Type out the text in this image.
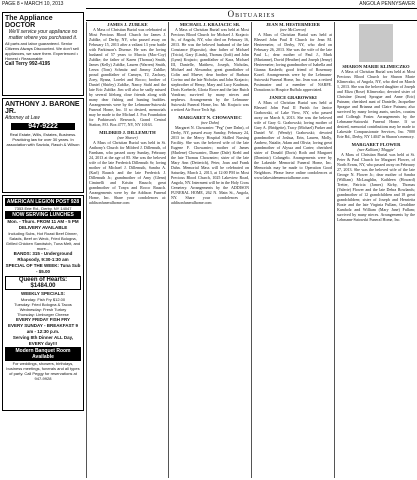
PAGE 8 • MARCH 10, 2013	ANGOLA PENNYSAVER
Obituaries
The Appliance DOCTOR
We'll service your appliance no matter where you purchased it.
All parts and labor guaranteed. Senior Citizens Always Discounted. We don't sell appliances, we save them. Experienced • Honest • Reasonable
Call Terry 992-4195
ANTHONY J. BARONE JR.
Attorney at Law
947-9222
Real Estate, Wills, Estates, Business. Practicing law for over 30 years. In association with Saviola, Rasch & Wilson
AMERICAN LEGION POST 928
7353 Erie Rd., Derby, NY 14047
NOW SERVING LUNCHES
Mon. - Thurs. FROM 11 AM - 5 PM
DELIVERY AVAILABLE
Including Subs, Hot Roast Beef Dinner, Salads, Beef on Weck, Fried Bologna, Grilled Chicken Sandwich, Tuna Melt, and more...
BANDS: 315 - Underground Rhapsody, 9:30-1:30 am
SPECIAL OF THE WEEK: Tuna Sub - $5.00
Queen of Hearts: $1484.00
WEEKLY SPECIALS:
Monday: Fish Fry $12.00
Tuesday: Fried Bologna & Tacos
Wednesday: Fresh Turkey
Thursday: Limburger Cheese
EVERY FRIDAY FISH FRY
EVERY SUNDAY - BREAKFAST 9 am - 12:30 p.m.
Serving 8th Dinner ALL Day, EVERY day!!!
Modern Banquet Room Available
For weddings, showers, birthdays, business meetings, funerals and all types of party. Call Peggy for reservations at 947-9928
JAMES J. ZUBLKE

A Mass of Christian Burial was celebrated at Most Precious Blood Church for James J. Zublke, of Derby, NY, who passed away on February 15, 2013 after a valiant 13 year battle with Parkinson's Disease. He was the loving husband of 57 years to Marcia (Mac-Coy) Zublke; the father of Karen (Thomas) Smith, James (Kelly) Zublke, Lauren (Warren) Smith, Leeza (Tom) Schmitz and Jimmy Zublke; proud grandfather of Camryn, TJ, Zachary, Zoey, Ryana, Lorelei and Rocco; brother of Daniel (Shirley) Zublke, Nancy Stahl and the late Eric Zublke. Jim will also be sadly missed by several lifelong close friends along with many dear fishing and hunting buddies. Arrangements were by the Lehmann-Sutowski Funeral Home, Inc. If so desired, memorials may be made to the Michael J. Fox Foundation for Parkinson's Research, Grand Central Station, P.O. Box 4777, NY, NY 10163.

MILDRED J. DILLEMUTH
(nee Shaver)

A Mass of Christian Burial was held in St. Anthony's Church for Mildred J. Dillemuth, of Farnham, who passed away Sunday, February 24, 2013 at the age of 85. She was the beloved wife of the late Frederick Dillemuth Sr; loving mother of Michael J. Dillemuth, Sandra A. (Karl) Rausch and the late Frederick J. Dillemuth Jr.; grandmother of Amy (Glenn) Ciminelli and Kristin Rausch; great grandmother of Tonya and Rocco Rausch. Arrangements were by the Addison Funeral Home, Inc. Share your condolences at: addisonfuneralhome.com

MICHAEL J. KRAJACIC SR.

A Mass of Christian Burial was held at Most Precious Blood Church for Michael J. Krajacic Sr., of Angola, NY, who died on February 16, 2013. He was the beloved husband of the late Constance (Esposito), dear father of Michael (Tricia), Gary (Linda), Thomas (Jodi) and John (Lynn) Krajacic; grandfather of Kara, Michael III, Danielle, Matthew, Joseph, Nicholas, Michael and Alexandra; great grandfather of Colin and Maeve; dear brother of Barbara Covino and the late Nicholas and John Krajacic; stepbrother of Henry, Mary and Lucy Kaufman, Doris Koeberle, Gloria Rowe and the late Butch Vondran; survived by many nieces and nephews. Arrangements by the Lehmann-Sutowski Funeral Home, Inc. Mr. Krajacic was a retired Air Force Tech Sgt.

MARGARET N. CHOWANIEC
(nee Dahn)

Margaret N. Chowaniec "Peg" (nee Dahn), of Derby, NY, passed away Sunday, February 24, 2013 in the Mercy Hospital Skilled Nursing Facility. She was the beloved wife of the late Eugene F. Chowaniec; mother of James (Marlene) Chowaniec, Diane (Dale) Krehl and the late Thomas Chowaniec; sister of the late Mary Ann (Deiterich), Peter, Joan and Frank Dahn. Memorial Mass will be celebrated on Saturday, March 2, 2013, at 12:00 PM in Most Precious Blood Church, 1025 Lakeview Road, Angola, NY. Interment will be in the Holy Cross Cemetery. Arrangements by the ADDISON FUNERAL HOME, 262 N. Main St., Angola, NY. Share your condolences at addisonfuneralhome.com

JEAN M. HESTERMEIER
(nee McCarron)

A Mass of Christian Burial was held at Blessed John Paul II Church for Jean M. Hestermeier, of Derby, NY, who died on February 26, 2013. She was the wife of the late Paul L.; dear mother of Paul J., Mark (Marianne), David (Heather) and Joseph (Jenny) Hestermeier; loving grandmother of Isabella and Gianna Kasbeth; good friend of Rosemary Kozel. Arrangements were by the Lehmann-Sutowski Funeral Home, Inc. Jean was a retired Postmaster and a member of NARFE. Donations to Hospice Buffalo appreciated.

JANICE GRABOWSKI

A Mass of Christian Burial was held at Blessed John Paul II Parish for Janice Grabowski, of Lake View, NY, who passed away on March 6, 2013. She was the beloved wife of Gary G. Grabowski; loving mother of Gary A. (Bridgette), Tracy (Michael) Parker and Daniel W. (Wendy) Grabowski; devoted grandmother of Joshua, Erin, Lauren, Molly, Andrew, Natalie, Adam and Olivia; loving great grandmother of Alyssa and Carter; cherished sister of Donald (Doris) Roth and Margaret (Dominic) Colangelo. Arrangements were by the Lakeside Memorial Funeral Home, Inc. Memorials may be made to Operation Good Neighbors. Please leave online condolences at www.lakesidememorialhome.com

SHARON MARIE KLIMECZKO

A Mass of Christian Burial was held at Most Precious Blood Church for Sharon Marie Klimeczko, of Angola, NY, who died on March 1, 2013. She was the beloved daughter of Joseph and Eliza (Rose) Klimeczko; devoted sister of Christine (Jason) Sprague and Anne (Eric) Putnam; cherished aunt of Danielle, Jacqueline Sprague and Brianna and Claire Putnam; also survived by many loving aunts, uncles, cousins and Colleagh Foster. Arrangements by the Lehmann-Sutowski Funeral Home. If so desired, memorial contributions may be made to Lakeside Compassionate Services, Inc. 7000 Erie Rd., Derby, NY 14047 in Sharon's memory.

MARGARET FLOWER
(nee Kalliam) 'Maggie'

A Mass of Christian Burial was held at St. Peter & Paul Church for Margaret Flower, of North Evans, NY, who passed away on February 27, 2013. She was the beloved wife of the late George N. Flower Jr.; dear mother of Sandra (William) McLaughlin, Kathleen (Howard) Tretter, Patricia (James) Kirby, Thomas (Valerie) Flower and the late Debra Rowlands; grandmother of 12 grandchildren and 18 great grandchildren; sister of Joseph and Henrietta Bozie and the late Virginia Fullam, Geraldine Kamholz and William (Mary Jane) Fullam; survived by many nieces. Arrangements by the Lehmann-Sutowski Funeral Home, Inc.
